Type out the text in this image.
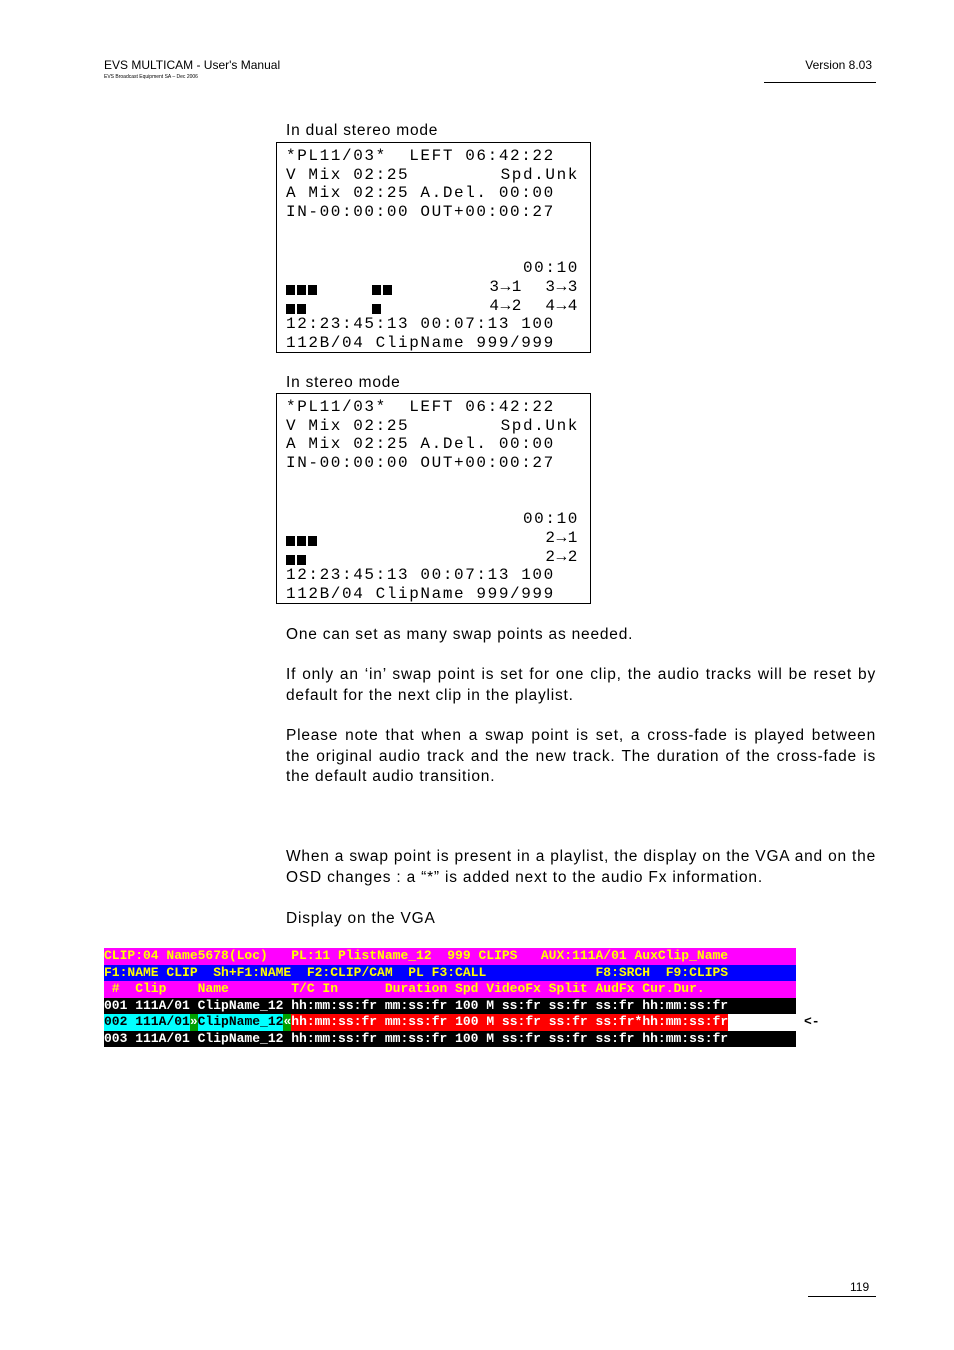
EVS MULTICAM - User's Manual
EVS Broadcast Equipment SA – Dec 2006
Version 8.03
In dual stereo mode
*PL11/03*  LEFT 06:42:22
V Mix 02:25	Spd.Unk
A Mix 02:25 A.Del. 00:00
IN-00:00:00 OUT+00:00:27
00:10
3→1  3→3
4→2  4→4
12:23:45:13 00:07:13 100
112B/04 ClipName 999/999
In stereo mode
*PL11/03*  LEFT 06:42:22
V Mix 02:25	Spd.Unk
A Mix 02:25 A.Del. 00:00
IN-00:00:00 OUT+00:00:27
00:10
2→1
2→2
12:23:45:13 00:07:13 100
112B/04 ClipName 999/999
One can set as many swap points as needed.
If only an ‘in’ swap point is set for one clip, the audio tracks will be reset by default for the next clip in the playlist.
Please note that when a swap point is set, a cross-fade is played between the original audio track and the new track. The duration of the cross-fade is the default audio transition.
When a swap point is present in a playlist, the display on the VGA and on the OSD changes : a “*” is added next to the audio Fx information.
Display on the VGA
CLIP:04 Name5678(Loc)   PL:11 PlistName_12  999 CLIPS   AUX:111A/01 AuxClip_Name
F1:NAME CLIP  Sh+F1:NAME  F2:CLIP/CAM  PL F3:CALL              F8:SRCH  F9:CLIPS
#  Clip    Name        T/C In      Duration Spd VideoFx Split AudFx Cur.Dur.
001 111A/01 ClipName_12 hh:mm:ss:fr mm:ss:fr 100 M ss:fr ss:fr ss:fr hh:mm:ss:fr
002 111A/01»ClipName_12«hh:mm:ss:fr mm:ss:fr 100 M ss:fr ss:fr ss:fr*hh:mm:ss:fr
003 111A/01 ClipName_12 hh:mm:ss:fr mm:ss:fr 100 M ss:fr ss:fr ss:fr hh:mm:ss:fr
<-
119
